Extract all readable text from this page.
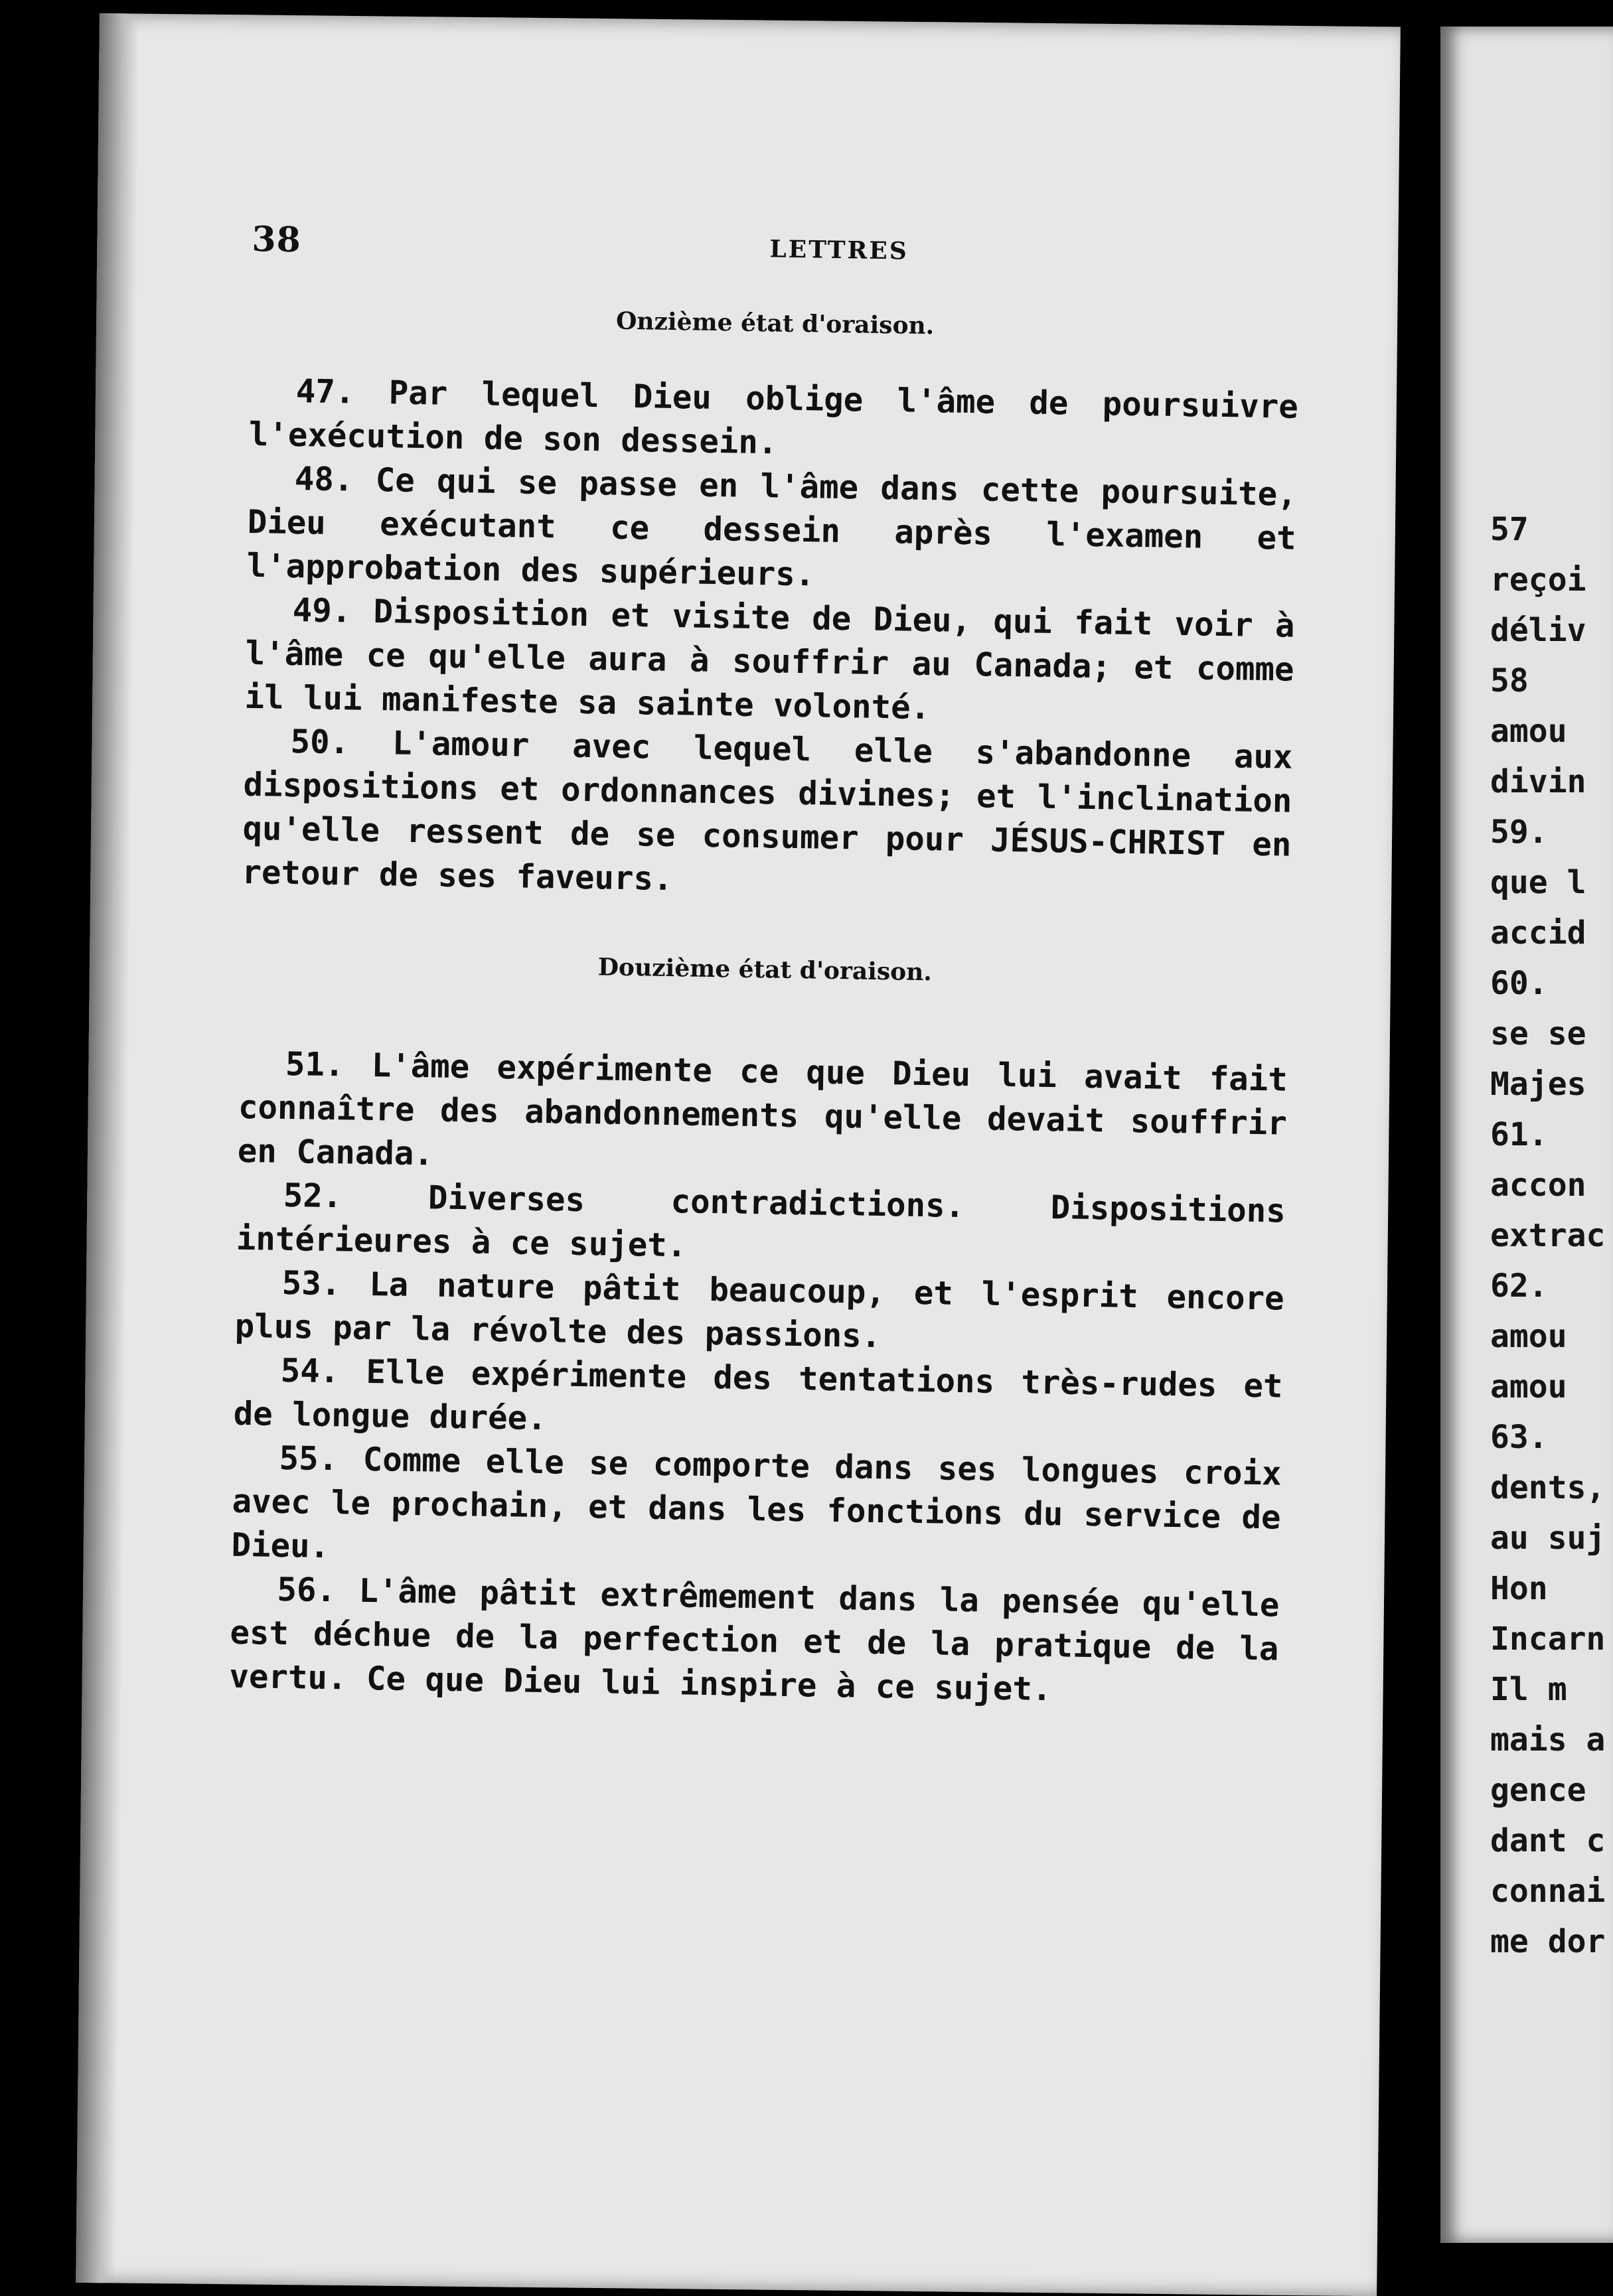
38	LETTRES
Onzième état d'oraison.

47. Par lequel Dieu oblige l'âme de poursuivre l'exécution de son dessein.

48. Ce qui se passe en l'âme dans cette poursuite, Dieu exécutant ce dessein après l'examen et l'approbation des supérieurs.

49. Disposition et visite de Dieu, qui fait voir à l'âme ce qu'elle aura à souffrir au Canada; et comme il lui manifeste sa sainte volonté.

50. L'amour avec lequel elle s'abandonne aux dispositions et ordonnances divines; et l'inclination qu'elle ressent de se consumer pour JÉSUS-CHRIST en retour de ses faveurs.

Douzième état d'oraison.

51. L'âme expérimente ce que Dieu lui avait fait connaître des abandonnements qu'elle devait souffrir en Canada.

52. Diverses contradictions. Dispositions intérieures à ce sujet.

53. La nature pâtit beaucoup, et l'esprit encore plus par la révolte des passions.

54. Elle expérimente des tentations très-rudes et de longue durée.

55. Comme elle se comporte dans ses longues croix avec le prochain, et dans les fonctions du service de Dieu.

56. L'âme pâtit extrêmement dans la pensée qu'elle est déchue de la perfection et de la pratique de la vertu. Ce que Dieu lui inspire à ce sujet.

57
reçoi
déliv
58
amou
divin
59.
que l
accid
60.
se se
Majes
61.
accon
extrac
62.
amou
amou
63.
dents,
au suj
Hon
Incarn
Il m
mais a
gence
dant c
connai
me dor
